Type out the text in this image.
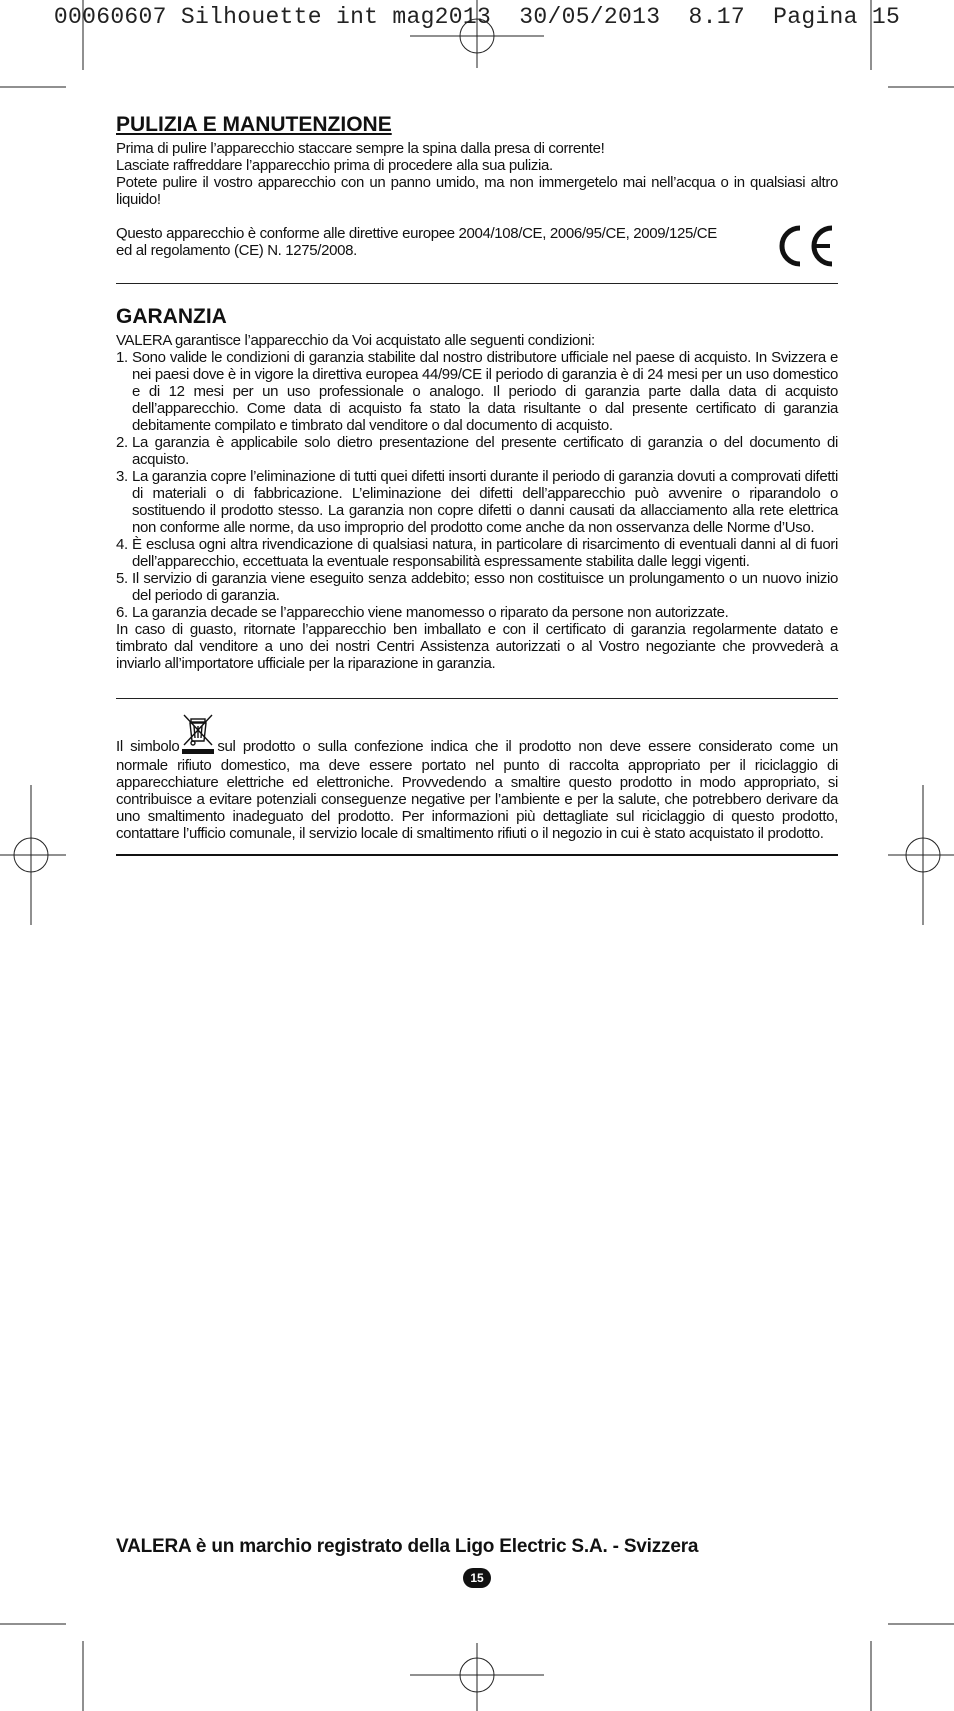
00060607 Silhouette int mag2013  30/05/2013  8.17  Pagina 15
PULIZIA E MANUTENZIONE

Prima di pulire l’apparecchio staccare sempre la spina dalla presa di corrente!

Lasciate raffreddare l’apparecchio prima di procedere alla sua pulizia.

Potete pulire il vostro apparecchio con un panno umido, ma non immergetelo mai nell’acqua o in qualsiasi altro liquido!

Questo apparecchio è conforme alle direttive europee 2004/108/CE, 2006/95/CE, 2009/125/CE ed al regolamento (CE) N. 1275/2008.

GARANZIA

VALERA garantisce l’apparecchio da Voi acquistato alle seguenti condizioni:

1. Sono valide le condizioni di garanzia stabilite dal nostro distributore ufficiale nel paese di acquisto. In Svizzera e nei paesi dove è in vigore la direttiva europea 44/99/CE il periodo di garanzia è di 24 mesi per un uso domestico e di 12 mesi per un uso professionale o analogo. Il periodo di garanzia parte dalla data di acquisto dell’apparecchio. Come data di acquisto fa stato la data risultante o dal presente certificato di garanzia debitamente compilato e timbrato dal venditore o dal documento di acquisto.

2. La garanzia è applicabile solo dietro presentazione del presente certificato di garanzia o del documento di acquisto.

3. La garanzia copre l’eliminazione di tutti quei difetti insorti durante il periodo di garanzia dovuti a comprovati difetti di materiali o di fabbricazione. L’eliminazione dei difetti dell’apparecchio può avvenire o riparandolo o sostituendo il prodotto stesso. La garanzia non copre difetti o danni causati da allacciamento alla rete elettrica non conforme alle norme, da uso improprio del prodotto come anche da non osservanza delle Norme d’Uso.

4. È esclusa ogni altra rivendicazione di qualsiasi natura, in particolare di risarcimento di eventuali danni al di fuori dell’apparecchio, eccettuata la eventuale responsabilità espressamente stabilita dalle leggi vigenti.

5. Il servizio di garanzia viene eseguito senza addebito; esso non costituisce un prolungamento o un nuovo inizio del periodo di garanzia.

6. La garanzia decade se l’apparecchio viene manomesso o riparato da persone non autorizzate.

In caso di guasto, ritornate l’apparecchio ben imballato e con il certificato di garanzia regolarmente datato e timbrato dal venditore a uno dei nostri Centri Assistenza autorizzati o al Vostro negoziante che provvederà a inviarlo all’importatore ufficiale per la riparazione in garanzia.

Il simbolo	sul prodotto o sulla confezione indica che il prodotto non deve essere considerato come un normale rifiuto domestico, ma deve essere portato nel punto di raccolta appropriato per il riciclaggio di apparecchiature elettriche ed elettroniche. Provvedendo a smaltire questo prodotto in modo appropriato, si contribuisce a evitare potenziali conseguenze negative per l’ambiente e per la salute, che potrebbero derivare da uno smaltimento inadeguato del prodotto. Per informazioni più dettagliate sul riciclaggio di questo prodotto, contattare l’ufficio comunale, il servizio locale di smaltimento rifiuti o il negozio in cui è stato acquistato il prodotto.

VALERA è un marchio registrato della Ligo Electric S.A. - Svizzera
15
